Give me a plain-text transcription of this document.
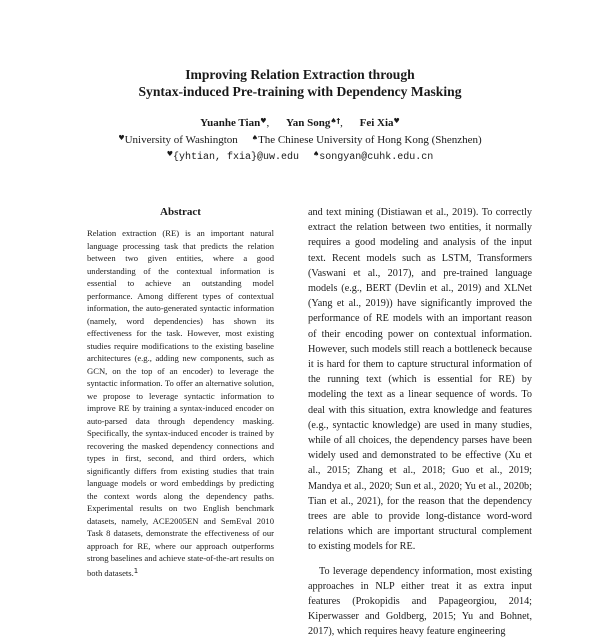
Improving Relation Extraction through
Syntax-induced Pre-training with Dependency Masking
Yuanhe Tian♥, Yan Song♠†, Fei Xia♥
♥University of Washington ♠The Chinese University of Hong Kong (Shenzhen)
♥{yhtian, fxia}@uw.edu ♠songyan@cuhk.edu.cn
Abstract
Relation extraction (RE) is an important natural language processing task that predicts the relation between two given entities, where a good understanding of the contextual information is essential to achieve an outstanding model performance. Among different types of contextual information, the auto-generated syntactic information (namely, word dependencies) has shown its effectiveness for the task. However, most existing studies require modifications to the existing baseline architectures (e.g., adding new components, such as GCN, on the top of an encoder) to leverage the syntactic information. To offer an alternative solution, we propose to leverage syntactic information to improve RE by training a syntax-induced encoder on auto-parsed data through dependency masking. Specifically, the syntax-induced encoder is trained by recovering the masked dependency connections and types in first, second, and third orders, which significantly differs from existing studies that train language models or word embeddings by predicting the context words along the dependency paths. Experimental results on two English benchmark datasets, namely, ACE2005EN and SemEval 2010 Task 8 datasets, demonstrate the effectiveness of our approach for RE, where our approach outperforms strong baselines and achieve state-of-the-art results on both datasets.$^1$

and text mining (Distiawan et al., 2019). To correctly extract the relation between two entities, it normally requires a good modeling and analysis of the input text. Recent models such as LSTM, Transformers (Vaswani et al., 2017), and pre-trained language models (e.g., BERT (Devlin et al., 2019) and XLNet (Yang et al., 2019)) have significantly improved the performance of RE models with an important reason of their encoding power on contextual information. However, such models still reach a bottleneck because it is hard for them to capture structural information of the running text (which is essential for RE) by modeling the text as a linear sequence of words. To deal with this situation, extra knowledge and features (e.g., syntactic knowledge) are used in many studies, while of all choices, the dependency parses have been widely used and demonstrated to be effective (Xu et al., 2015; Zhang et al., 2018; Guo et al., 2019; Mandya et al., 2020; Sun et al., 2020; Yu et al., 2020b; Tian et al., 2021), for the reason that the dependency trees are able to provide long-distance word-word relations which are important structural complement to existing models for RE.

To leverage dependency information, most existing approaches in NLP either treat it as extra input features (Prokopidis and Papageorgiou, 2014; Kiperwasser and Goldberg, 2015; Yu and Bohnet, 2017), which requires heavy feature engineering
